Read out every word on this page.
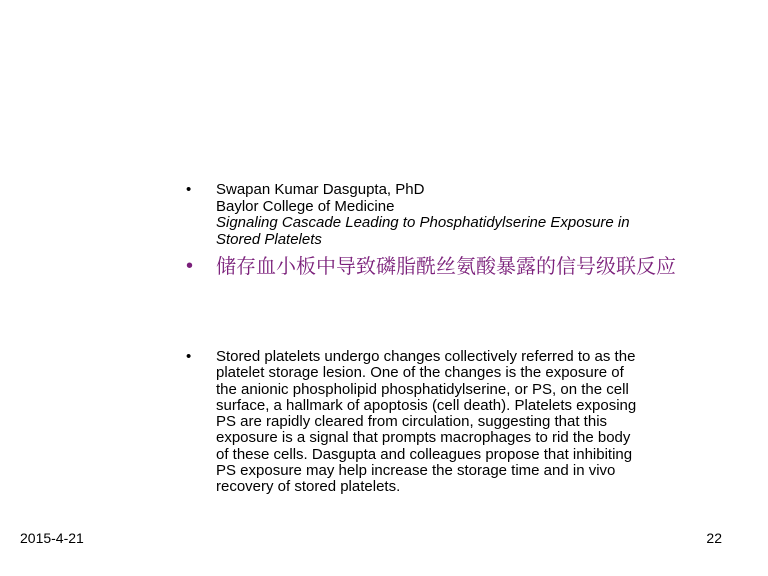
• Swapan Kumar Dasgupta, PhD
Baylor College of Medicine
Signaling Cascade Leading to Phosphatidylserine Exposure in
Stored Platelets
• 储存血小板中导致磷脂酰丝氨酸暴露的信号级联反应
• Stored platelets undergo changes collectively referred to as the
platelet storage lesion. One of the changes is the exposure of
the anionic phospholipid phosphatidylserine, or PS, on the cell
surface, a hallmark of apoptosis (cell death). Platelets exposing
PS are rapidly cleared from circulation, suggesting that this
exposure is a signal that prompts macrophages to rid the body
of these cells. Dasgupta and colleagues propose that inhibiting
PS exposure may help increase the storage time and in vivo
recovery of stored platelets.
2015-4-21	22
